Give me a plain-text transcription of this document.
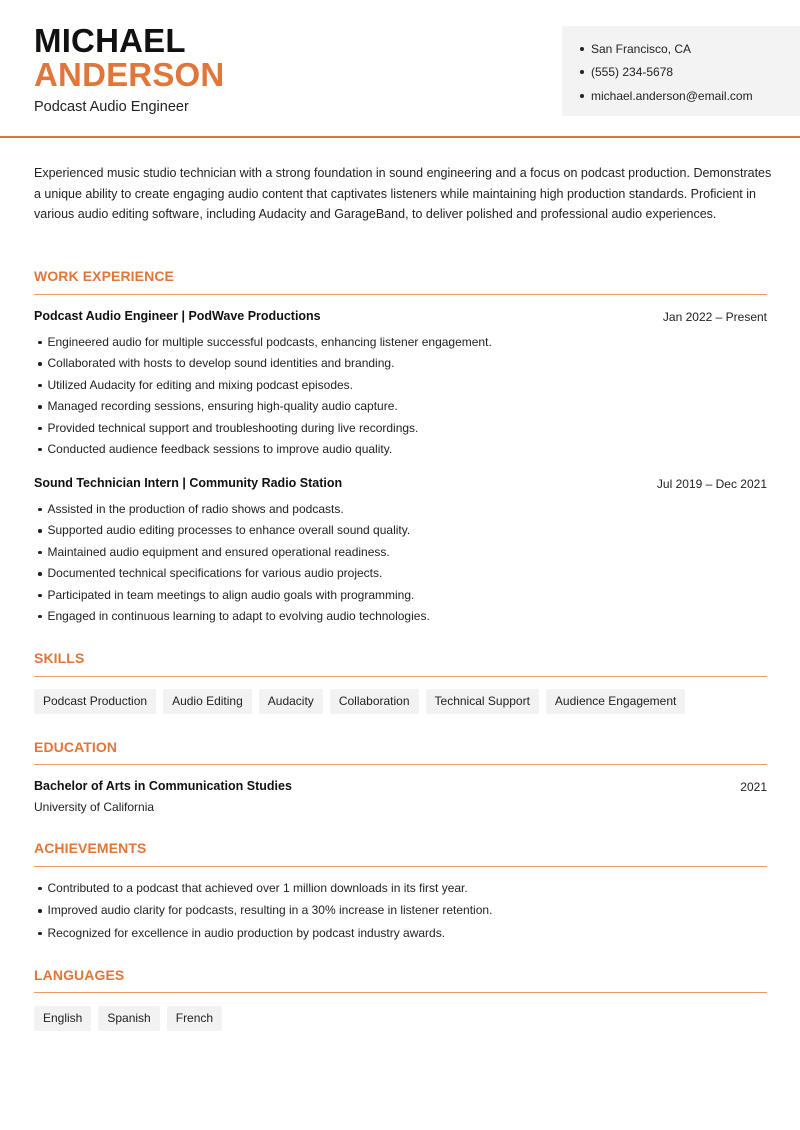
MICHAEL
ANDERSON
Podcast Audio Engineer
San Francisco, CA
(555) 234-5678
michael.anderson@email.com

Experienced music studio technician with a strong foundation in sound engineering and a focus on podcast production. Demonstrates a unique ability to create engaging audio content that captivates listeners while maintaining high production standards. Proficient in various audio editing software, including Audacity and GarageBand, to deliver polished and professional audio experiences.

WORK EXPERIENCE
Podcast Audio Engineer | PodWave Productions	Jan 2022 – Present
Engineered audio for multiple successful podcasts, enhancing listener engagement.
Collaborated with hosts to develop sound identities and branding.
Utilized Audacity for editing and mixing podcast episodes.
Managed recording sessions, ensuring high-quality audio capture.
Provided technical support and troubleshooting during live recordings.
Conducted audience feedback sessions to improve audio quality.
Sound Technician Intern | Community Radio Station	Jul 2019 – Dec 2021
Assisted in the production of radio shows and podcasts.
Supported audio editing processes to enhance overall sound quality.
Maintained audio equipment and ensured operational readiness.
Documented technical specifications for various audio projects.
Participated in team meetings to align audio goals with programming.
Engaged in continuous learning to adapt to evolving audio technologies.
SKILLS
Podcast Production	Audio Editing	Audacity	Collaboration	Technical Support	Audience Engagement
EDUCATION
Bachelor of Arts in Communication Studies	2021
University of California
ACHIEVEMENTS
Contributed to a podcast that achieved over 1 million downloads in its first year.
Improved audio clarity for podcasts, resulting in a 30% increase in listener retention.
Recognized for excellence in audio production by podcast industry awards.
LANGUAGES
English	Spanish	French
